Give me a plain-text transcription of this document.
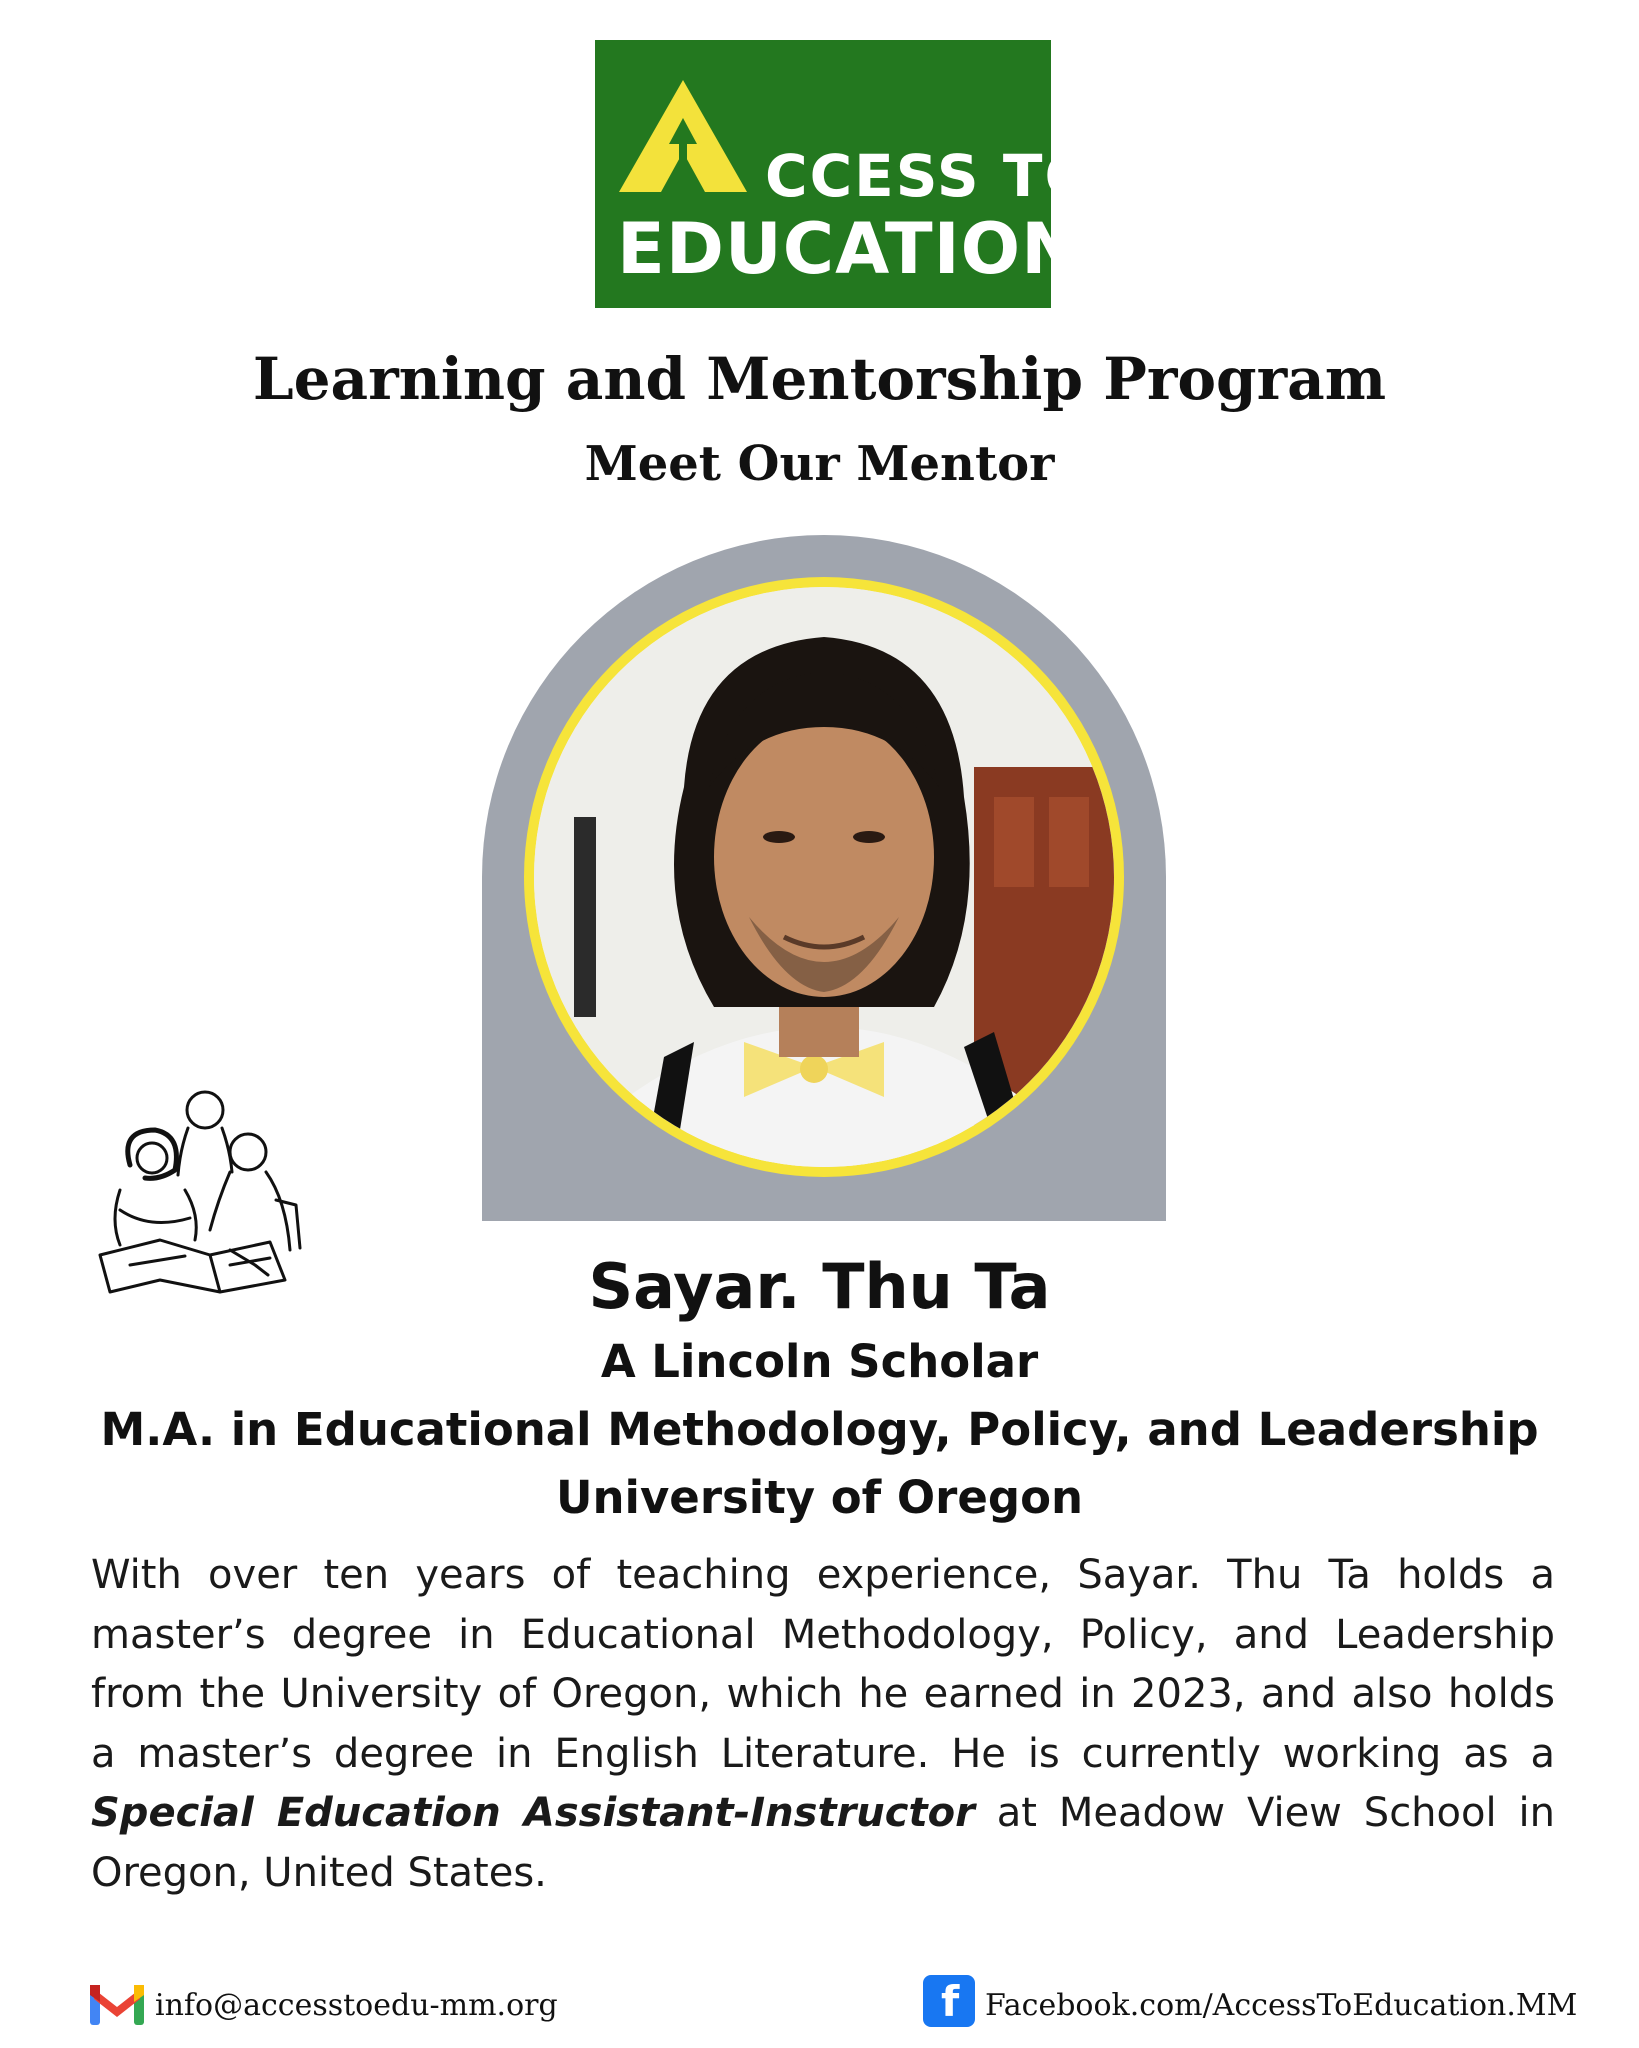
CCESS TO
EDUCATION
Learning and Mentorship Program
Meet Our Mentor
Sayar. Thu Ta
A Lincoln Scholar
M.A. in Educational Methodology, Policy, and Leadership
University of Oregon
With over ten years of teaching experience, Sayar. Thu Ta holds a master’s degree in Educational Methodology, Policy, and Leadership from the University of Oregon, which he earned in 2023, and also holds a master’s degree in English Literature. He is currently working as a Special Education Assistant-Instructor at Meadow View School in Oregon, United States.
info@accesstoedu-mm.org	f Facebook.com/AccessToEducation.MM
